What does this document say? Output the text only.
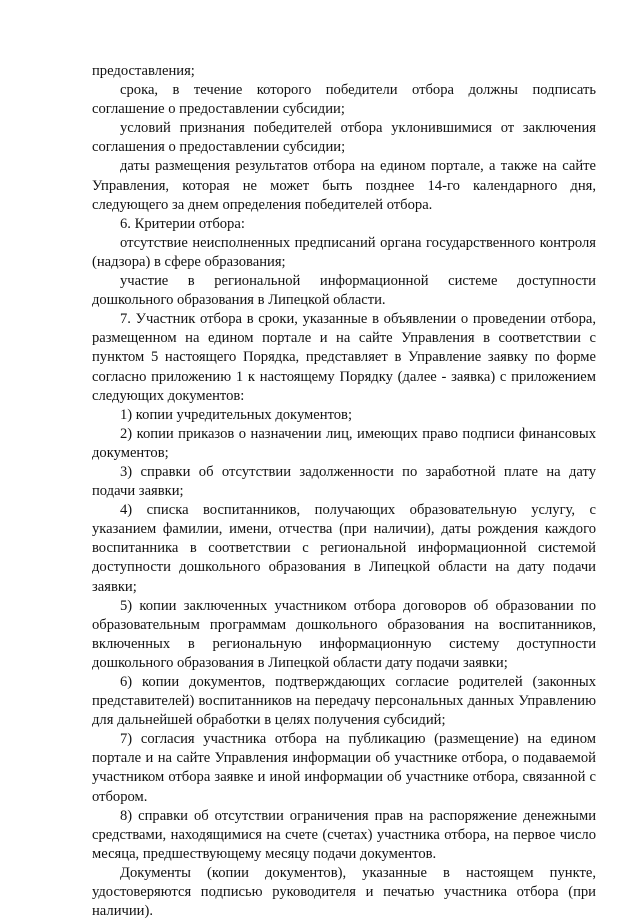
предоставления;

срока, в течение которого победители отбора должны подписать соглашение о предоставлении субсидии;

условий признания победителей отбора уклонившимися от заключения соглашения о предоставлении субсидии;

даты размещения результатов отбора на едином портале, а также на сайте Управления, которая не может быть позднее 14-го календарного дня, следующего за днем определения победителей отбора.

6. Критерии отбора:

отсутствие неисполненных предписаний органа государственного контроля (надзора) в сфере образования;

участие в региональной информационной системе доступности дошкольного образования в Липецкой области.

7. Участник отбора в сроки, указанные в объявлении о проведении отбора, размещенном на едином портале и на сайте Управления в соответствии с пунктом 5 настоящего Порядка, представляет в Управление заявку по форме согласно приложению 1 к настоящему Порядку (далее - заявка) с приложением следующих документов:

1) копии учредительных документов;

2) копии приказов о назначении лиц, имеющих право подписи финансовых документов;

3) справки об отсутствии задолженности по заработной плате на дату подачи заявки;

4) списка воспитанников, получающих образовательную услугу, с указанием фамилии, имени, отчества (при наличии), даты рождения каждого воспитанника в соответствии с региональной информационной системой доступности дошкольного образования в Липецкой области на дату подачи заявки;

5) копии заключенных участником отбора договоров об образовании по образовательным программам дошкольного образования на воспитанников, включенных в региональную информационную систему доступности дошкольного образования в Липецкой области дату подачи заявки;

6) копии документов, подтверждающих согласие родителей (законных представителей) воспитанников на передачу персональных данных Управлению для дальнейшей обработки в целях получения субсидий;

7) согласия участника отбора на публикацию (размещение) на едином портале и на сайте Управления информации об участнике отбора, о подаваемой участником отбора заявке и иной информации об участнике отбора, связанной с отбором.

8) справки об отсутствии ограничения прав на распоряжение денежными средствами, находящимися на счете (счетах) участника отбора, на первое число месяца, предшествующему месяцу подачи документов.

Документы (копии документов), указанные в настоящем пункте, удостоверяются подписью руководителя и печатью участника отбора (при наличии).
